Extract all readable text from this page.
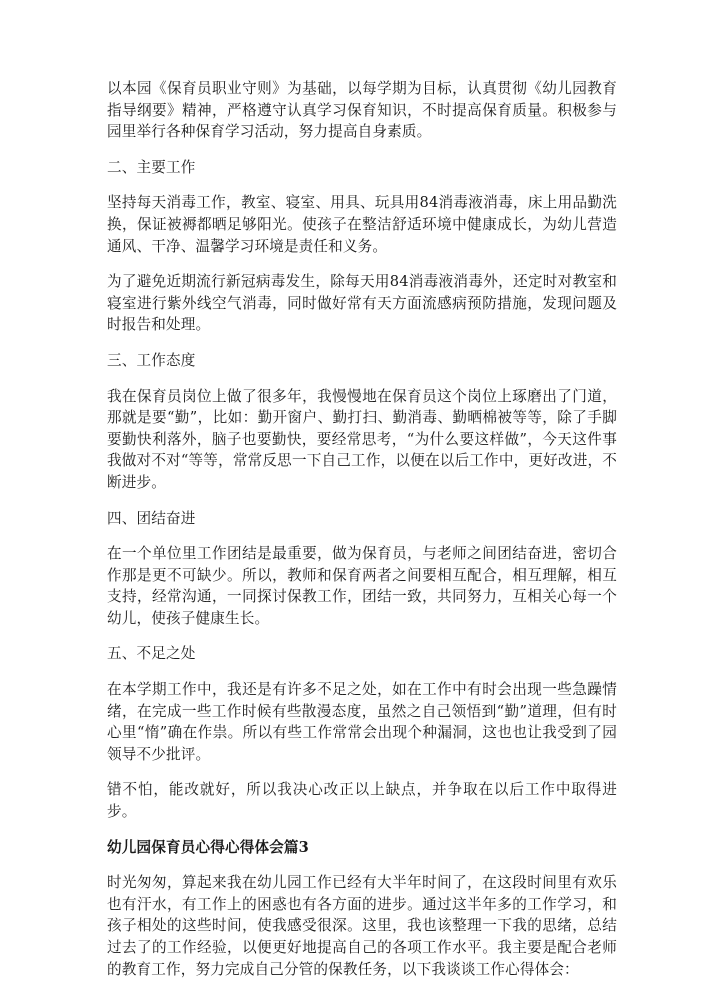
以本园《保育员职业守则》为基础，以每学期为目标，认真贯彻《幼儿园教育指导纲要》精神，严格遵守认真学习保育知识，不时提高保育质量。积极参与园里举行各种保育学习活动，努力提高自身素质。

二、主要工作

坚持每天消毒工作，教室、寝室、用具、玩具用84消毒液消毒，床上用品勤洗换，保证被褥都晒足够阳光。使孩子在整洁舒适环境中健康成长，为幼儿营造通风、干净、温馨学习环境是责任和义务。

为了避免近期流行新冠病毒发生，除每天用84消毒液消毒外，还定时对教室和寝室进行紫外线空气消毒，同时做好常有天方面流感病预防措施，发现问题及时报告和处理。

三、工作态度

我在保育员岗位上做了很多年，我慢慢地在保育员这个岗位上琢磨出了门道，那就是要“勤”，比如：勤开窗户、勤打扫、勤消毒、勤晒棉被等等，除了手脚要勤快利落外，脑子也要勤快，要经常思考，“为什么要这样做”，今天这件事我做对不对“等等，常常反思一下自己工作，以便在以后工作中，更好改进，不断进步。

四、团结奋进

在一个单位里工作团结是最重要，做为保育员，与老师之间团结奋进，密切合作那是更不可缺少。所以，教师和保育两者之间要相互配合，相互理解，相互支持，经常沟通，一同探讨保教工作，团结一致，共同努力，互相关心每一个幼儿，使孩子健康生长。

五、不足之处

在本学期工作中，我还是有许多不足之处，如在工作中有时会出现一些急躁情绪，在完成一些工作时候有些散漫态度，虽然之自己领悟到“勤”道理，但有时心里“惰”确在作祟。所以有些工作常常会出现个种漏洞，这也也让我受到了园领导不少批评。

错不怕，能改就好，所以我决心改正以上缺点，并争取在以后工作中取得进步。

幼儿园保育员心得心得体会篇3

时光匆匆，算起来我在幼儿园工作已经有大半年时间了，在这段时间里有欢乐也有汗水，有工作上的困惑也有各方面的进步。通过这半年多的工作学习，和孩子相处的这些时间，使我感受很深。这里，我也该整理一下我的思绪，总结过去了的工作经验，以便更好地提高自己的各项工作水平。我主要是配合老师的教育工作，努力完成自己分管的保教任务，以下我谈谈工作心得体会：
